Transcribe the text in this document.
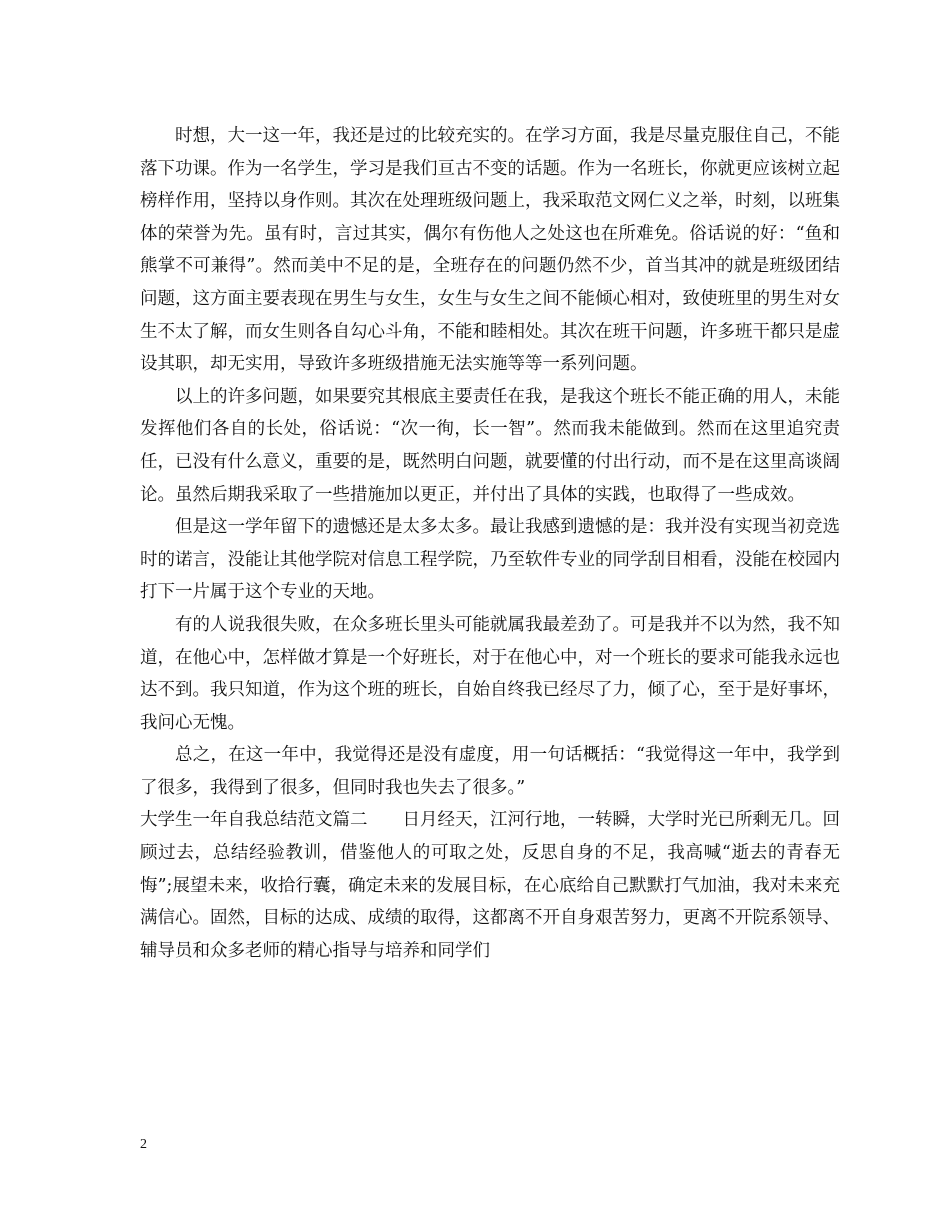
时想，大一这一年，我还是过的比较充实的。在学习方面，我是尽量克服住自己，不能落下功课。作为一名学生，学习是我们亘古不变的话题。作为一名班长，你就更应该树立起榜样作用，坚持以身作则。其次在处理班级问题上，我采取范文网仁义之举，时刻，以班集体的荣誉为先。虽有时，言过其实，偶尔有伤他人之处这也在所难免。俗话说的好：“鱼和熊掌不可兼得”。然而美中不足的是，全班存在的问题仍然不少，首当其冲的就是班级团结问题，这方面主要表现在男生与女生，女生与女生之间不能倾心相对，致使班里的男生对女生不太了解，而女生则各自勾心斗角，不能和睦相处。其次在班干问题，许多班干都只是虚设其职，却无实用，导致许多班级措施无法实施等等一系列问题。

以上的许多问题，如果要究其根底主要责任在我，是我这个班长不能正确的用人，未能发挥他们各自的长处，俗话说：“次一徇，长一智”。然而我未能做到。然而在这里追究责任，已没有什么意义，重要的是，既然明白问题，就要懂的付出行动，而不是在这里高谈阔论。虽然后期我采取了一些措施加以更正，并付出了具体的实践，也取得了一些成效。

但是这一学年留下的遗憾还是太多太多。最让我感到遗憾的是：我并没有实现当初竞选时的诺言，没能让其他学院对信息工程学院，乃至软件专业的同学刮目相看，没能在校园内打下一片属于这个专业的天地。

有的人说我很失败，在众多班长里头可能就属我最差劲了。可是我并不以为然，我不知道，在他心中，怎样做才算是一个好班长，对于在他心中，对一个班长的要求可能我永远也达不到。我只知道，作为这个班的班长，自始自终我已经尽了力，倾了心，至于是好事坏，我问心无愧。

总之，在这一年中，我觉得还是没有虚度，用一句话概括：“我觉得这一年中，我学到了很多，我得到了很多，但同时我也失去了很多。”

大学生一年自我总结范文篇二　　日月经天，江河行地，一转瞬，大学时光已所剩无几。回顾过去，总结经验教训，借鉴他人的可取之处，反思自身的不足，我高喊“逝去的青春无悔”;展望未来，收拾行囊，确定未来的发展目标，在心底给自己默默打气加油，我对未来充满信心。固然，目标的达成、成绩的取得，这都离不开自身艰苦努力，更离不开院系领导、辅导员和众多老师的精心指导与培养和同学们

2
